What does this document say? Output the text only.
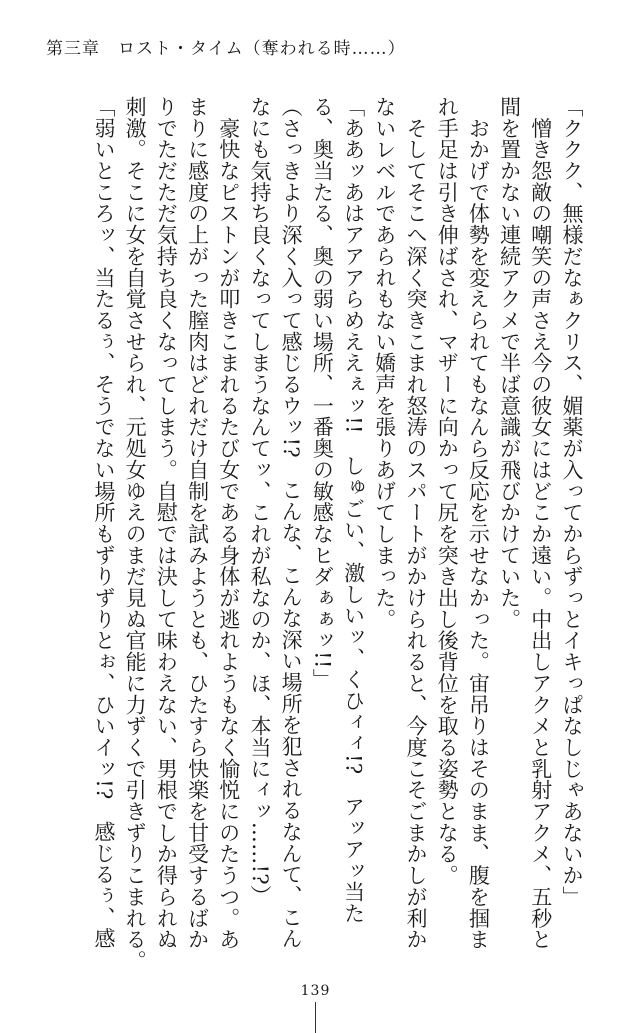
第三章　ロスト・タイム（奪われる時……）
「ククク、無様だなぁクリス、媚薬が入ってからずっとイキっぱなしじゃあないか」
　憎き怨敵の嘲笑の声さえ今の彼女にはどこか遠い。中出しアクメと乳射アクメ、五秒と
間を置かない連続アクメで半ば意識が飛びかけていた。
　おかげで体勢を変えられてもなんら反応を示せなかった。宙吊りはそのまま、腹を掴ま
れ手足は引き伸ばされ、マザーに向かって尻を突き出し後背位を取る姿勢となる。
　そしてそこへ深く突きこまれ怒涛のスパートがかけられると、今度こそごまかしが利か
ないレベルであられもない嬌声を張りあげてしまった。
「ああッあはアアアらめええぇッ!!　しゅごい、激しいッ、くひィィ!?　アッアッ当た
る、奥当たる、奥の弱い場所、一番奥の敏感なヒダぁぁッ!!」
（さっきより深く入って感じるウッ!?　こんな、こんな深い場所を犯されるなんて、こん
なにも気持ち良くなってしまうなんてッ、これが私なのか、ほ、本当にィッ……!?）
　豪快なピストンが叩きこまれるたび女である身体が逃れようもなく愉悦にのたうつ。あ
まりに感度の上がった膣肉はどれだけ自制を試みようとも、ひたすら快楽を甘受するばか
りでただただ気持ち良くなってしまう。自慰では決して味わえない、男根でしか得られぬ
刺激。そこに女を自覚させられ、元処女ゆえのまだ見ぬ官能に力ずくで引きずりこまれる。
「弱いところッ、当たるぅ、そうでない場所もずりずりとぉ、ひいイッ!?　感じるぅ、感
139
